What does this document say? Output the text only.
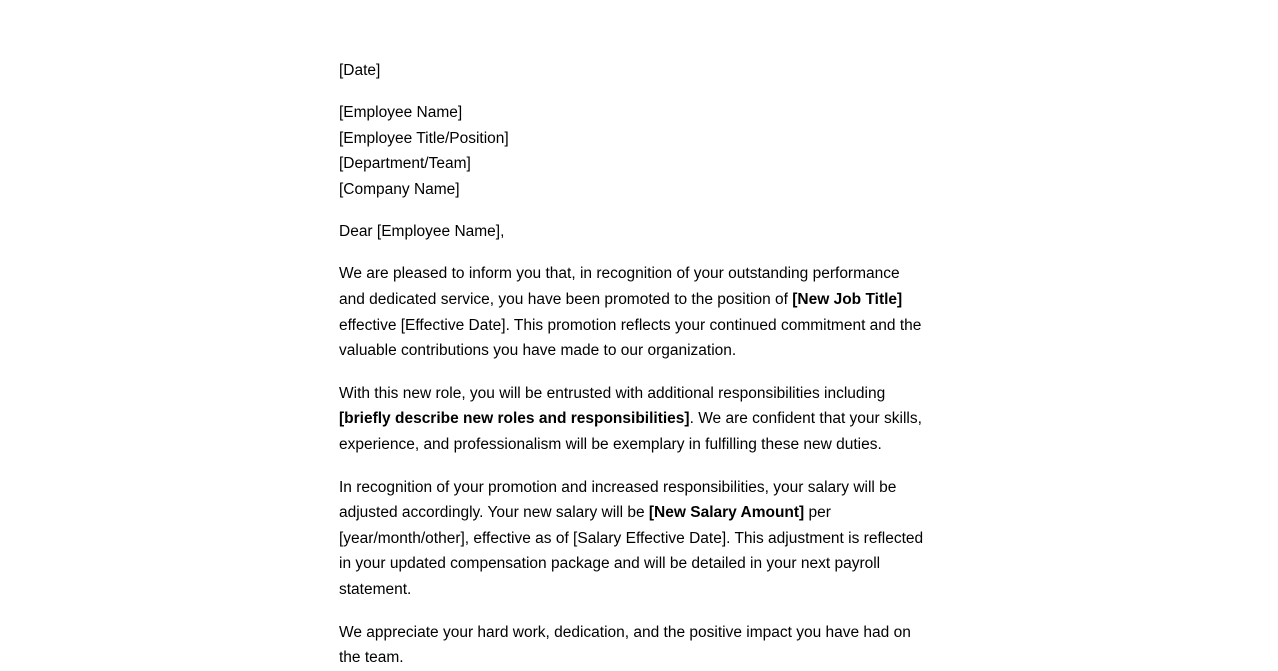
[Date]
[Employee Name]
[Employee Title/Position]
[Department/Team]
[Company Name]
Dear [Employee Name],
We are pleased to inform you that, in recognition of your outstanding performance and dedicated service, you have been promoted to the position of [New Job Title] effective [Effective Date]. This promotion reflects your continued commitment and the valuable contributions you have made to our organization.
With this new role, you will be entrusted with additional responsibilities including [briefly describe new roles and responsibilities]. We are confident that your skills, experience, and professionalism will be exemplary in fulfilling these new duties.
In recognition of your promotion and increased responsibilities, your salary will be adjusted accordingly. Your new salary will be [New Salary Amount] per [year/month/other], effective as of [Salary Effective Date]. This adjustment is reflected in your updated compensation package and will be detailed in your next payroll statement.
We appreciate your hard work, dedication, and the positive impact you have had on the team.
